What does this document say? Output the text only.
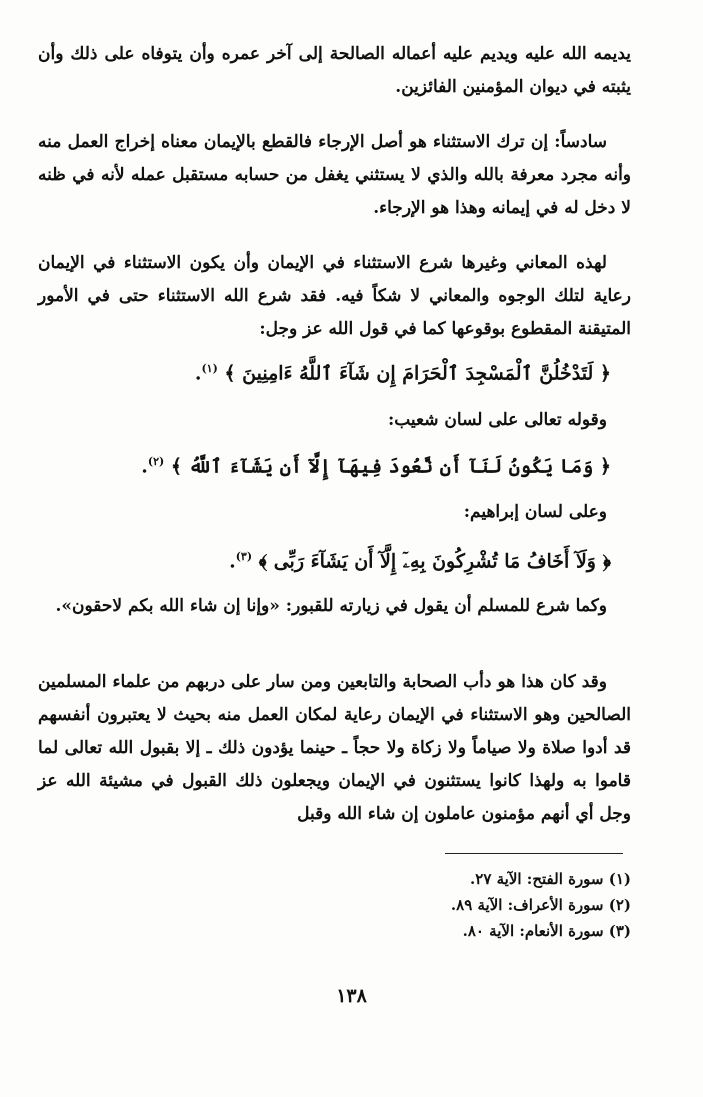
يديمه الله عليه ويديم عليه أعماله الصالحة إلى آخر عمره وأن يتوفاه على ذلك وأن يثبته في ديوان المؤمنين الفائزين.

سادساً: إن ترك الاستثناء هو أصل الإرجاء فالقطع بالإيمان معناه إخراج العمل منه وأنه مجرد معرفة بالله والذي لا يستثني يغفل من حسابه مستقبل عمله لأنه في ظنه لا دخل له في إيمانه وهذا هو الإرجاء.

لهذه المعاني وغيرها شرع الاستثناء في الإيمان وأن يكون الاستثناء في الإيمان رعاية لتلك الوجوه والمعاني لا شكاً فيه. فقد شرع الله الاستثناء حتى في الأمور المتيقنة المقطوع بوقوعها كما في قول الله عز وجل:

﴿ لَتَدْخُلُنَّ ٱلْمَسْجِدَ ٱلْحَرَامَ إِن شَآءَ ٱللَّهُ ءَامِنِينَ ﴾ $^{(١)}$.

وقوله تعالى على لسان شعيب:

﴿ وَمَا يَكُونُ لَنَآ أَن نَّعُودَ فِيهَآ إِلَّآ أَن يَشَآءَ ٱللَّهُ ﴾ $^{(٢)}$.

وعلى لسان إبراهيم:

﴿ وَلَآ أَخَافُ مَا تُشْرِكُونَ بِهِۦٓ إِلَّآ أَن يَشَآءَ رَبِّى ﴾ $^{(٣)}$.

وكما شرع للمسلم أن يقول في زيارته للقبور: «وإنا إن شاء الله بكم لاحقون».

وقد كان هذا هو دأب الصحابة والتابعين ومن سار على دربهم من علماء المسلمين الصالحين وهو الاستثناء في الإيمان رعاية لمكان العمل منه بحيث لا يعتبرون أنفسهم قد أدوا صلاة ولا صياماً ولا زكاة ولا حجاً ـ حينما يؤدون ذلك ـ إلا بقبول الله تعالى لما قاموا به ولهذا كانوا يستثنون في الإيمان ويجعلون ذلك القبول في مشيئة الله عز وجل أي أنهم مؤمنون عاملون إن شاء الله وقبل

(١) سورة الفتح: الآية ٢٧.
(٢) سورة الأعراف: الآية ٨٩.
(٣) سورة الأنعام: الآية ٨٠.
١٣٨
